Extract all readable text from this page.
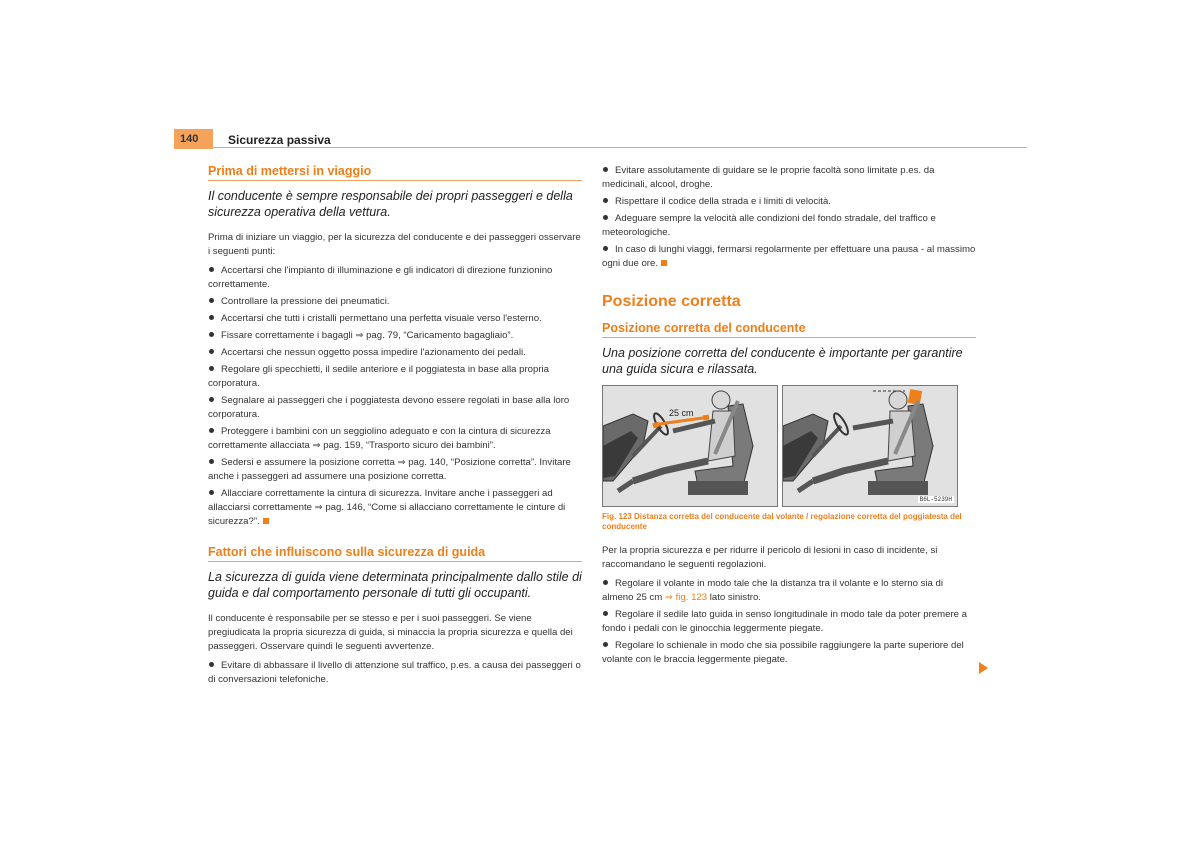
140 Sicurezza passiva
Prima di mettersi in viaggio
Il conducente è sempre responsabile dei propri passeggeri e della sicurezza operativa della vettura.
Prima di iniziare un viaggio, per la sicurezza del conducente e dei passeggeri osservare i seguenti punti:
Accertarsi che l'impianto di illuminazione e gli indicatori di direzione funzionino correttamente.
Controllare la pressione dei pneumatici.
Accertarsi che tutti i cristalli permettano una perfetta visuale verso l'esterno.
Fissare correttamente i bagagli ⇒ pag. 79, “Caricamento bagagliaio”.
Accertarsi che nessun oggetto possa impedire l'azionamento dei pedali.
Regolare gli specchietti, il sedile anteriore e il poggiatesta in base alla propria corporatura.
Segnalare ai passeggeri che i poggiatesta devono essere regolati in base alla loro corporatura.
Proteggere i bambini con un seggiolino adeguato e con la cintura di sicurezza correttamente allacciata ⇒ pag. 159, “Trasporto sicuro dei bambini”.
Sedersi e assumere la posizione corretta ⇒ pag. 140, “Posizione corretta”. Invitare anche i passeggeri ad assumere una posizione corretta.
Allacciare correttamente la cintura di sicurezza. Invitare anche i passeggeri ad allacciarsi correttamente ⇒ pag. 146, “Come si allacciano correttamente le cinture di sicurezza?”.
Fattori che influiscono sulla sicurezza di guida
La sicurezza di guida viene determinata principalmente dallo stile di guida e dal comportamento personale di tutti gli occupanti.
Il conducente è responsabile per se stesso e per i suoi passeggeri. Se viene pregiudicata la propria sicurezza di guida, si minaccia la propria sicurezza e quella dei passeggeri. Osservare quindi le seguenti avvertenze.
Evitare di abbassare il livello di attenzione sul traffico, p.es. a causa dei passeggeri o di conversazioni telefoniche.
Evitare assolutamente di guidare se le proprie facoltà sono limitate p.es. da medicinali, alcool, droghe.
Rispettare il codice della strada e i limiti di velocità.
Adeguare sempre la velocità alle condizioni del fondo stradale, del traffico e meteorologiche.
In caso di lunghi viaggi, fermarsi regolarmente per effettuare una pausa - al massimo ogni due ore.
Posizione corretta
Posizione corretta del conducente
Una posizione corretta del conducente è importante per garantire una guida sicura e rilassata.
25 cm
B6L-5239H
Fig. 123 Distanza corretta del conducente dal volante / regolazione corretta del poggiatesta del conducente
Per la propria sicurezza e per ridurre il pericolo di lesioni in caso di incidente, si raccomandano le seguenti regolazioni.
Regolare il volante in modo tale che la distanza tra il volante e lo sterno sia di almeno 25 cm ⇒ fig. 123 lato sinistro.
Regolare il sedile lato guida in senso longitudinale in modo tale da poter premere a fondo i pedali con le ginocchia leggermente piegate.
Regolare lo schienale in modo che sia possibile raggiungere la parte superiore del volante con le braccia leggermente piegate.
